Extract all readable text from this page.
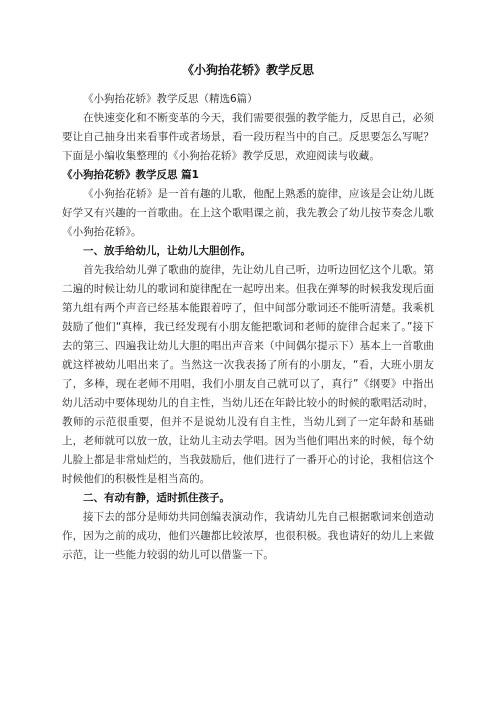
《小狗抬花轿》教学反思

《小狗抬花轿》教学反思（精选6篇）

在快速变化和不断变革的今天，我们需要很强的教学能力，反思自己，必须要让自己抽身出来看事件或者场景，看一段历程当中的自己。反思要怎么写呢？下面是小编收集整理的《小狗抬花轿》教学反思，欢迎阅读与收藏。

《小狗抬花轿》教学反思 篇1

《小狗抬花轿》是一首有趣的儿歌，他配上熟悉的旋律，应该是会让幼儿既好学又有兴趣的一首歌曲。在上这个歌唱课之前，我先教会了幼儿按节奏念儿歌《小狗抬花轿》。

一、放手给幼儿，让幼儿大胆创作。

首先我给幼儿弹了歌曲的旋律，先让幼儿自己听，边听边回忆这个儿歌。第二遍的时候让幼儿的歌词和旋律配在一起哼出来。但我在弹琴的时候我发现后面第九组有两个声音已经基本能跟着哼了，但中间部分歌词还不能听清楚。我乘机鼓励了他们“真棒，我已经发现有小朋友能把歌词和老师的旋律合起来了。”接下去的第三、四遍我让幼儿大胆的唱出声音来（中间偶尔提示下）基本上一首歌曲就这样被幼儿唱出来了。当然这一次我表扬了所有的小朋友，“看，大班小朋友了，多棒，现在老师不用唱，我们小朋友自己就可以了，真行”《纲要》中指出幼儿活动中要体现幼儿的自主性，当幼儿还在年龄比较小的时候的歌唱活动时，教师的示范很重要，但并不是说幼儿没有自主性，当幼儿到了一定年龄和基础上，老师就可以放一放，让幼儿主动去学唱。因为当他们唱出来的时候，每个幼儿脸上都是非常灿烂的，当我鼓励后，他们进行了一番开心的讨论，我相信这个时候他们的积极性是相当高的。

二、有动有静，适时抓住孩子。

接下去的部分是师幼共同创编表演动作，我请幼儿先自己根据歌词来创造动作，因为之前的成功，他们兴趣都比较浓厚，也很积极。我也请好的幼儿上来做示范，让一些能力较弱的幼儿可以借鉴一下。
